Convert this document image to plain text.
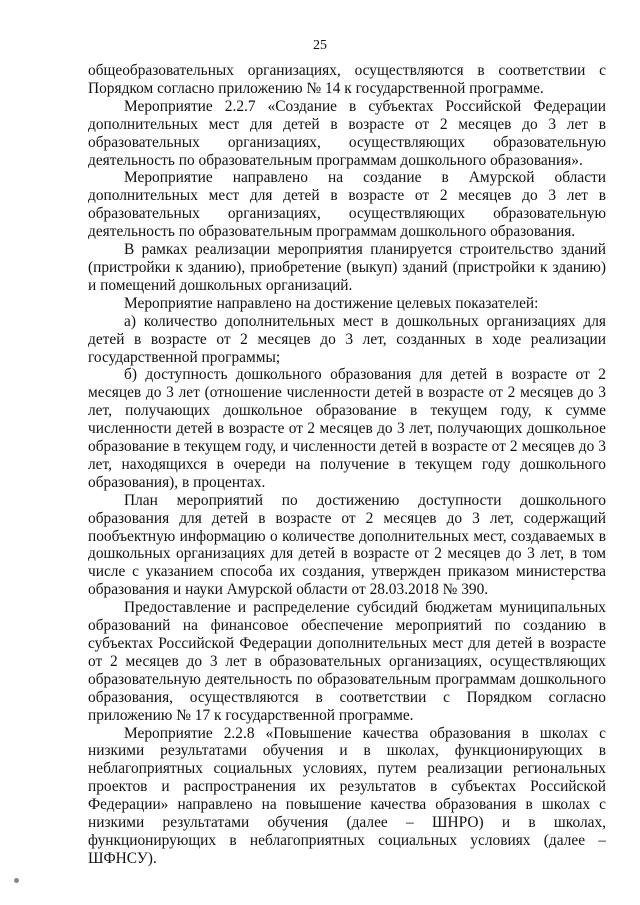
25

общеобразовательных организациях, осуществляются в соответствии с Порядком согласно приложению № 14 к государственной программе.

Мероприятие 2.2.7 «Создание в субъектах Российской Федерации дополнительных мест для детей в возрасте от 2 месяцев до 3 лет в образовательных организациях, осуществляющих образовательную деятельность по образовательным программам дошкольного образования».

Мероприятие направлено на создание в Амурской области дополнительных мест для детей в возрасте от 2 месяцев до 3 лет в образовательных организациях, осуществляющих образовательную деятельность по образовательным программам дошкольного образования.

В рамках реализации мероприятия планируется строительство зданий (пристройки к зданию), приобретение (выкуп) зданий (пристройки к зданию) и помещений дошкольных организаций.

Мероприятие направлено на достижение целевых показателей:

а) количество дополнительных мест в дошкольных организациях для детей в возрасте от 2 месяцев до 3 лет, созданных в ходе реализации государственной программы;

б) доступность дошкольного образования для детей в возрасте от 2 месяцев до 3 лет (отношение численности детей в возрасте от 2 месяцев до 3 лет, получающих дошкольное образование в текущем году, к сумме численности детей в возрасте от 2 месяцев до 3 лет, получающих дошкольное образование в текущем году, и численности детей в возрасте от 2 месяцев до 3 лет, находящихся в очереди на получение в текущем году дошкольного образования), в процентах.

План мероприятий по достижению доступности дошкольного образования для детей в возрасте от 2 месяцев до 3 лет, содержащий пообъектную информацию о количестве дополнительных мест, создаваемых в дошкольных организациях для детей в возрасте от 2 месяцев до 3 лет, в том числе с указанием способа их создания, утвержден приказом министерства образования и науки Амурской области от 28.03.2018 № 390.

Предоставление и распределение субсидий бюджетам муниципальных образований на финансовое обеспечение мероприятий по созданию в субъектах Российской Федерации дополнительных мест для детей в возрасте от 2 месяцев до 3 лет в образовательных организациях, осуществляющих образовательную деятельность по образовательным программам дошкольного образования, осуществляются в соответствии с Порядком согласно приложению № 17 к государственной программе.

Мероприятие 2.2.8 «Повышение качества образования в школах с низкими результатами обучения и в школах, функционирующих в неблагоприятных социальных условиях, путем реализации региональных проектов и распространения их результатов в субъектах Российской Федерации» направлено на повышение качества образования в школах с низкими результатами обучения (далее – ШНРО) и в школах, функционирующих в неблагоприятных социальных условиях (далее – ШФНСУ).
